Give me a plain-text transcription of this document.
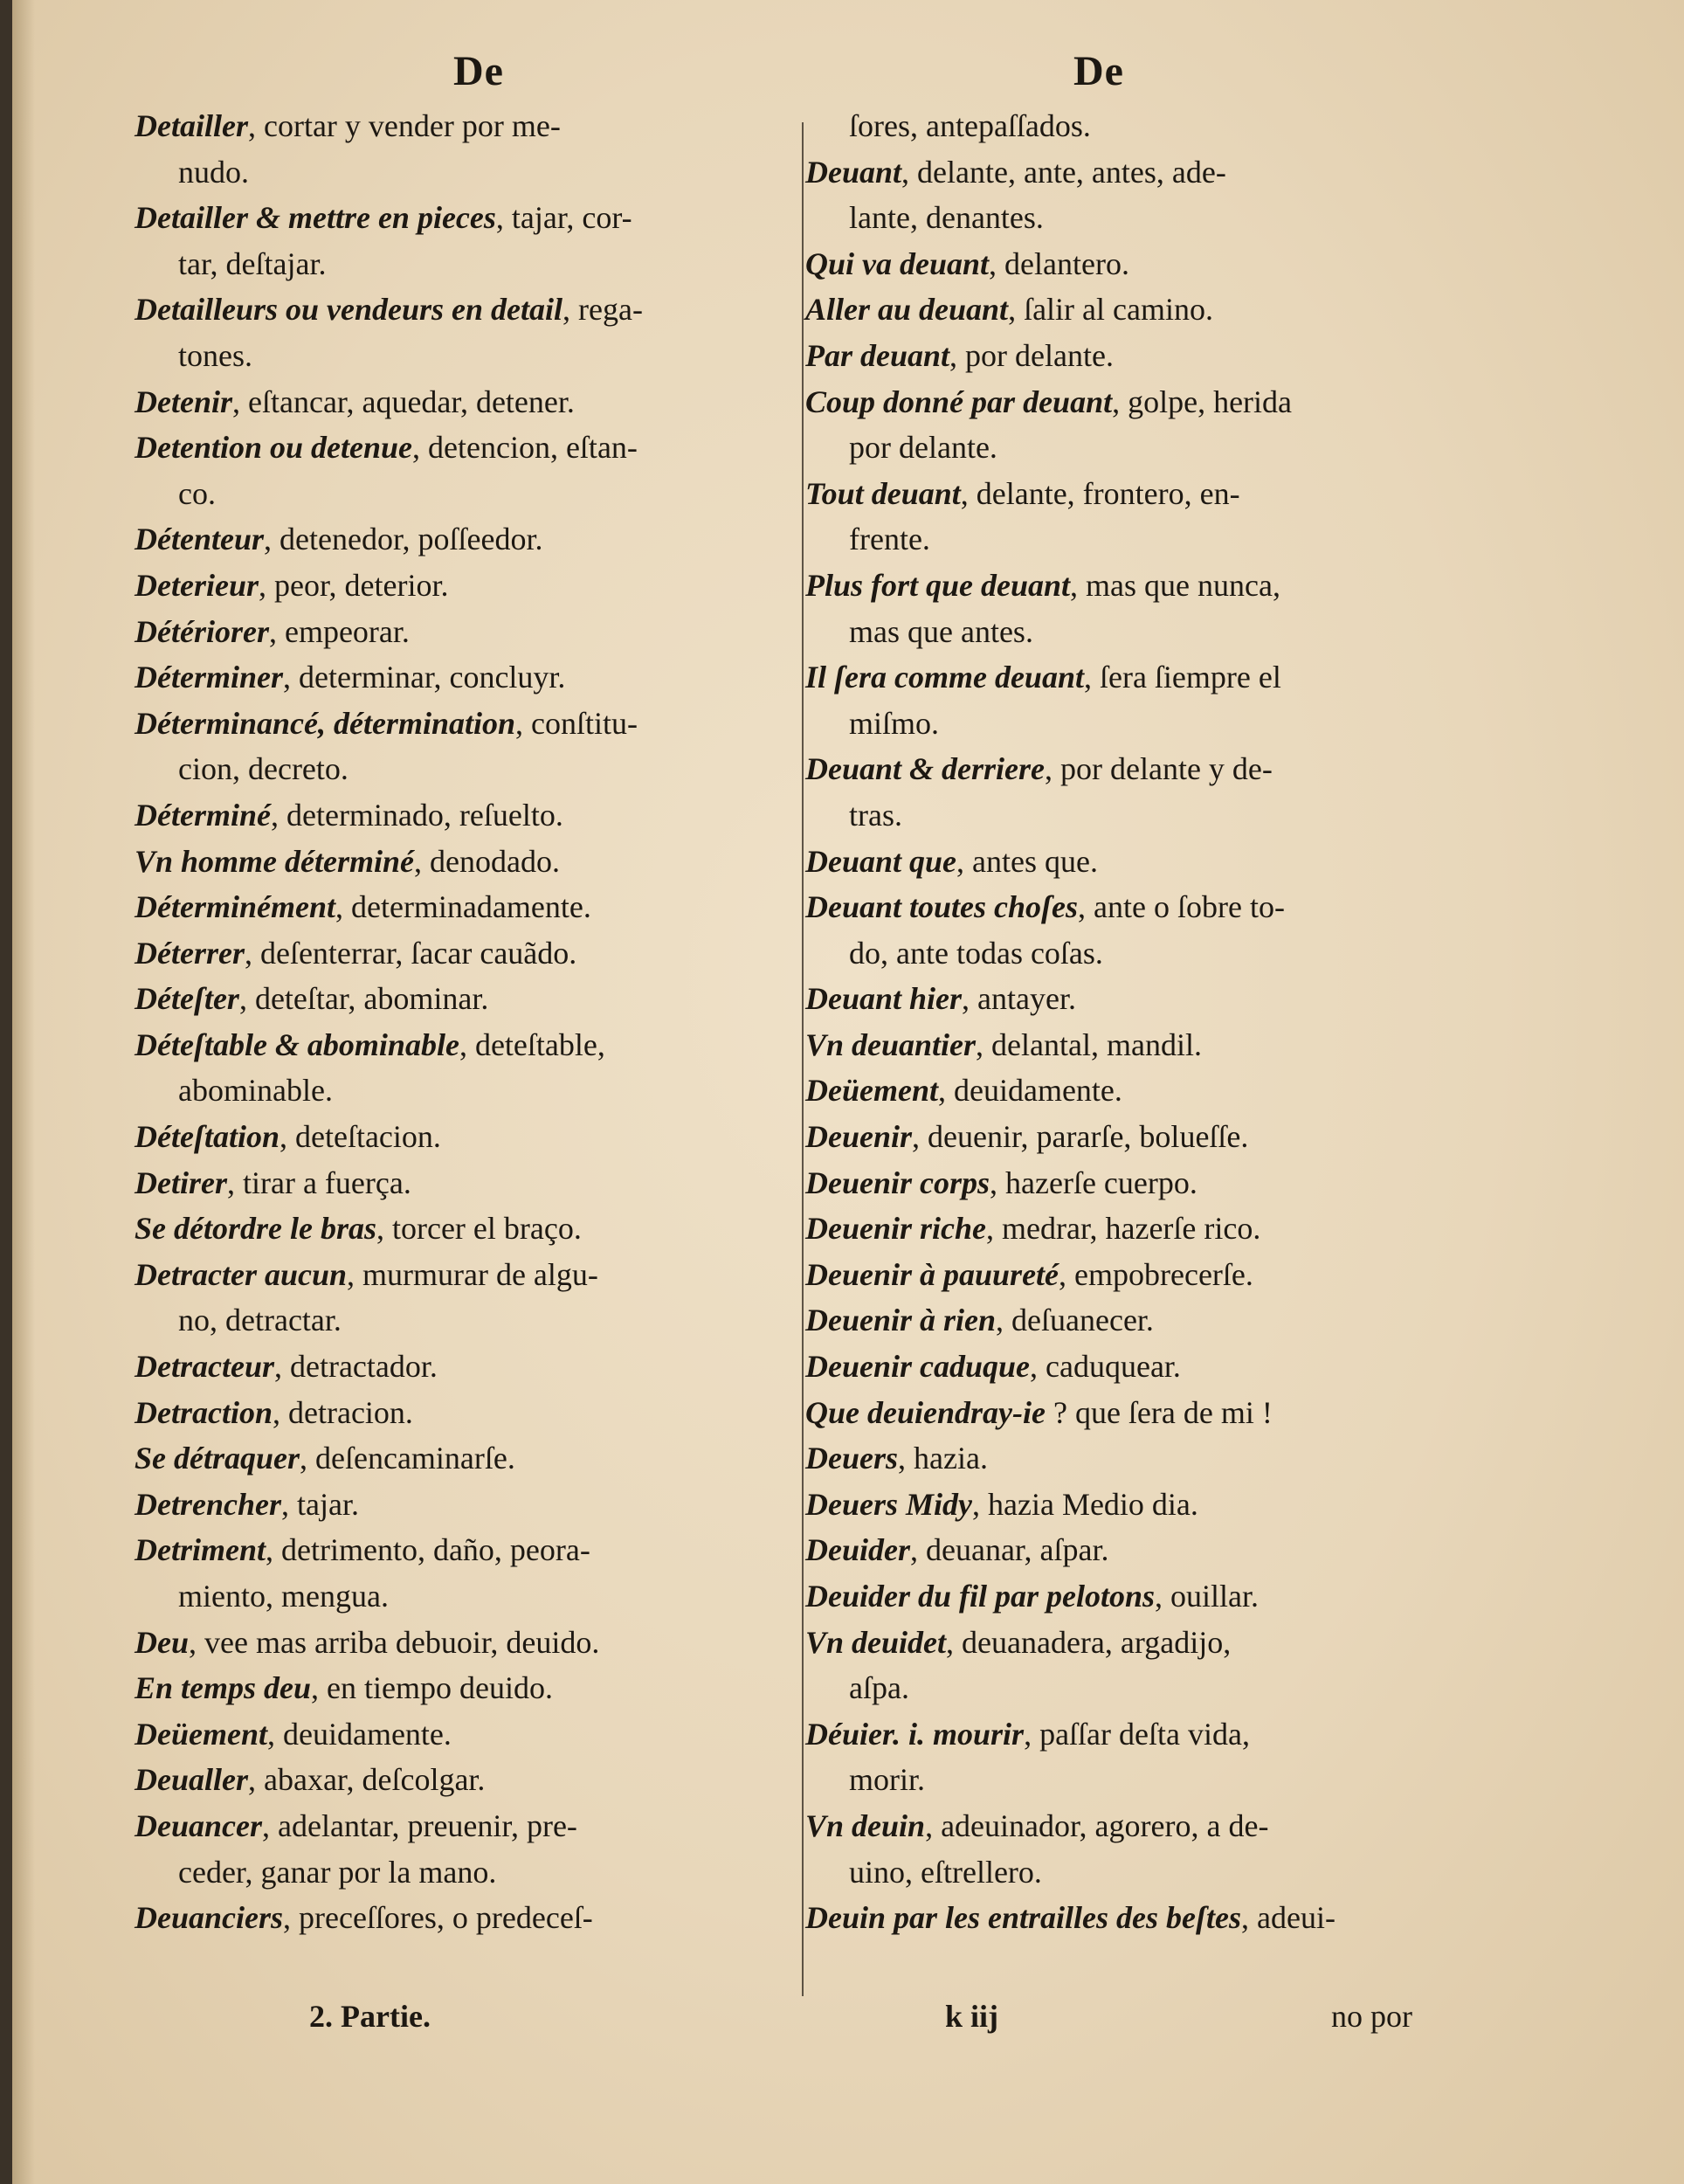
De	De
Detailler, cortar y vender por me-
nudo.
Detailler & mettre en pieces, tajar, cor-
tar, deſtajar.
Detailleurs ou vendeurs en detail, rega-
tones.
Detenir, eſtancar, aquedar, detener.
Detention ou detenue, detencion, eſtan-
co.
Détenteur, detenedor, poſſeedor.
Deterieur, peor, deterior.
Détériorer, empeorar.
Déterminer, determinar, concluyr.
Déterminancé, détermination, conſtitu-
cion, decreto.
Déterminé, determinado, reſuelto.
Vn homme déterminé, denodado.
Déterminément, determinadamente.
Déterrer, deſenterrar, ſacar cauãdo.
Déteſter, deteſtar, abominar.
Déteſtable & abominable, deteſtable,
abominable.
Déteſtation, deteſtacion.
Detirer, tirar a fuerça.
Se détordre le bras, torcer el braço.
Detracter aucun, murmurar de algu-
no, detractar.
Detracteur, detractador.
Detraction, detracion.
Se détraquer, deſencaminarſe.
Detrencher, tajar.
Detriment, detrimento, daño, peora-
miento, mengua.
Deu, vee mas arriba debuoir, deuido.
En temps deu, en tiempo deuido.
Deüement, deuidamente.
Deualler, abaxar, deſcolgar.
Deuancer, adelantar, preuenir, pre-
ceder, ganar por la mano.
Deuanciers, preceſſores, o predeceſ-
ſores, antepaſſados.
Deuant, delante, ante, antes, ade-
lante, denantes.
Qui va deuant, delantero.
Aller au deuant, ſalir al camino.
Par deuant, por delante.
Coup donné par deuant, golpe, herida
por delante.
Tout deuant, delante, frontero, en-
frente.
Plus fort que deuant, mas que nunca,
mas que antes.
Il ſera comme deuant, ſera ſiempre el
miſmo.
Deuant & derriere, por delante y de-
tras.
Deuant que, antes que.
Deuant toutes choſes, ante o ſobre to-
do, ante todas coſas.
Deuant hier, antayer.
Vn deuantier, delantal, mandil.
Deüement, deuidamente.
Deuenir, deuenir, pararſe, bolueſſe.
Deuenir corps, hazerſe cuerpo.
Deuenir riche, medrar, hazerſe rico.
Deuenir à pauureté, empobrecerſe.
Deuenir à rien, deſuanecer.
Deuenir caduque, caduquear.
Que deuiendray-ie ? que ſera de mi !
Deuers, hazia.
Deuers Midy, hazia Medio dia.
Deuider, deuanar, aſpar.
Deuider du fil par pelotons, ouillar.
Vn deuidet, deuanadera, argadijo,
aſpa.
Déuier. i. mourir, paſſar deſta vida,
morir.
Vn deuin, adeuinador, agorero, a de-
uino, eſtrellero.
Deuin par les entrailles des beſtes, adeui-
2. Partie.	k iij	no por
